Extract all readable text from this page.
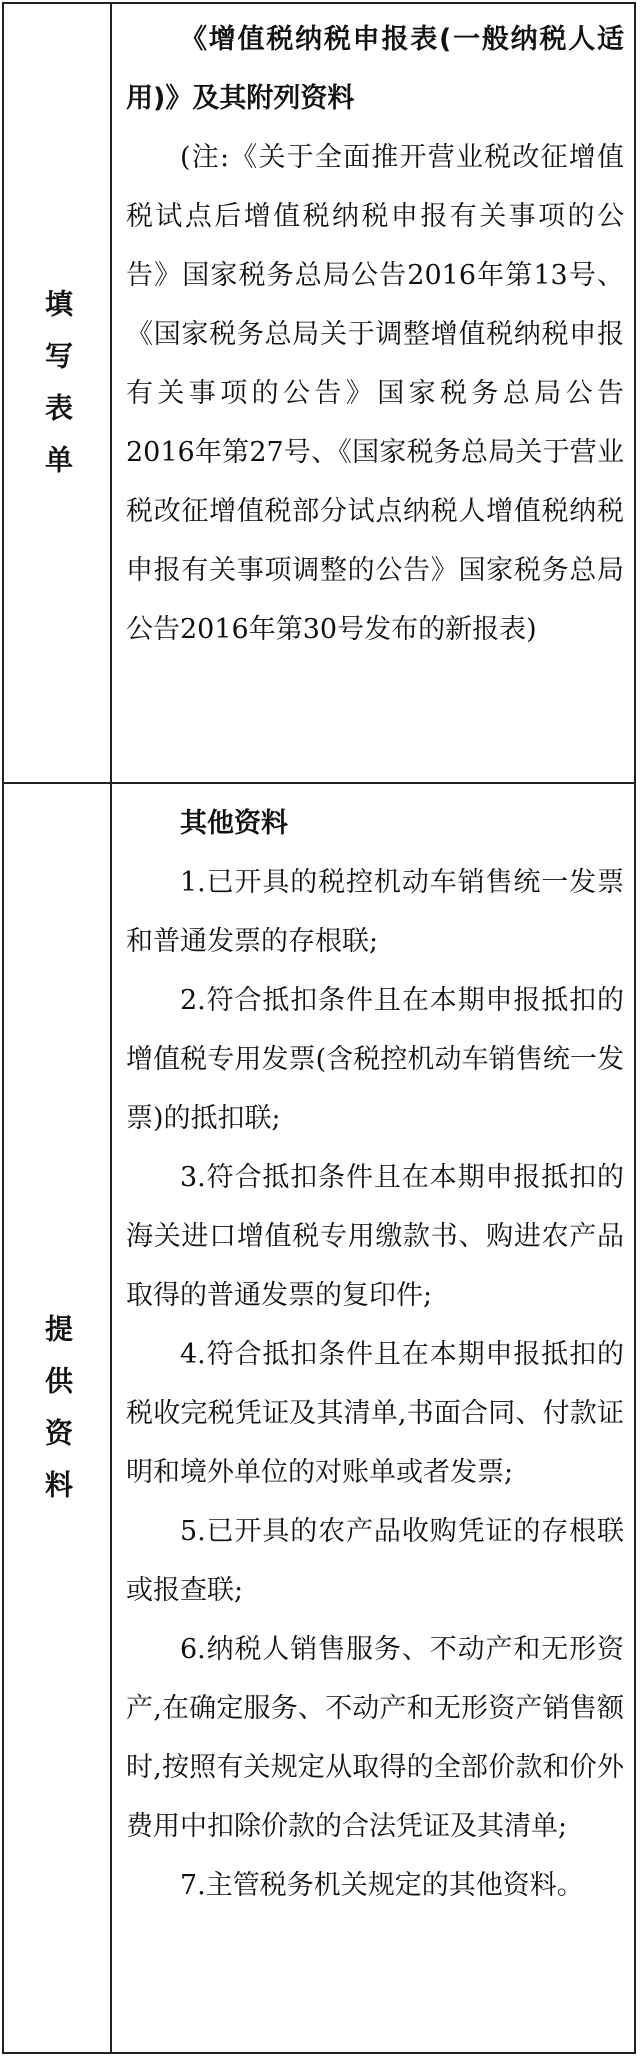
填写表单

《增值税纳税申报表(一般纳税人适用)》及其附列资料

(注:《关于全面推开营业税改征增值税试点后增值税纳税申报有关事项的公告》国家税务总局公告2016年第13号、《国家税务总局关于调整增值税纳税申报有关事项的公告》国家税务总局公告2016年第27号、《国家税务总局关于营业税改征增值税部分试点纳税人增值税纳税申报有关事项调整的公告》国家税务总局公告2016年第30号发布的新报表)

提供资料

其他资料

1.已开具的税控机动车销售统一发票和普通发票的存根联;

2.符合抵扣条件且在本期申报抵扣的增值税专用发票(含税控机动车销售统一发票)的抵扣联;

3.符合抵扣条件且在本期申报抵扣的海关进口增值税专用缴款书、购进农产品取得的普通发票的复印件;

4.符合抵扣条件且在本期申报抵扣的税收完税凭证及其清单,书面合同、付款证明和境外单位的对账单或者发票;

5.已开具的农产品收购凭证的存根联或报查联;

6.纳税人销售服务、不动产和无形资产,在确定服务、不动产和无形资产销售额时,按照有关规定从取得的全部价款和价外费用中扣除价款的合法凭证及其清单;

7.主管税务机关规定的其他资料。
